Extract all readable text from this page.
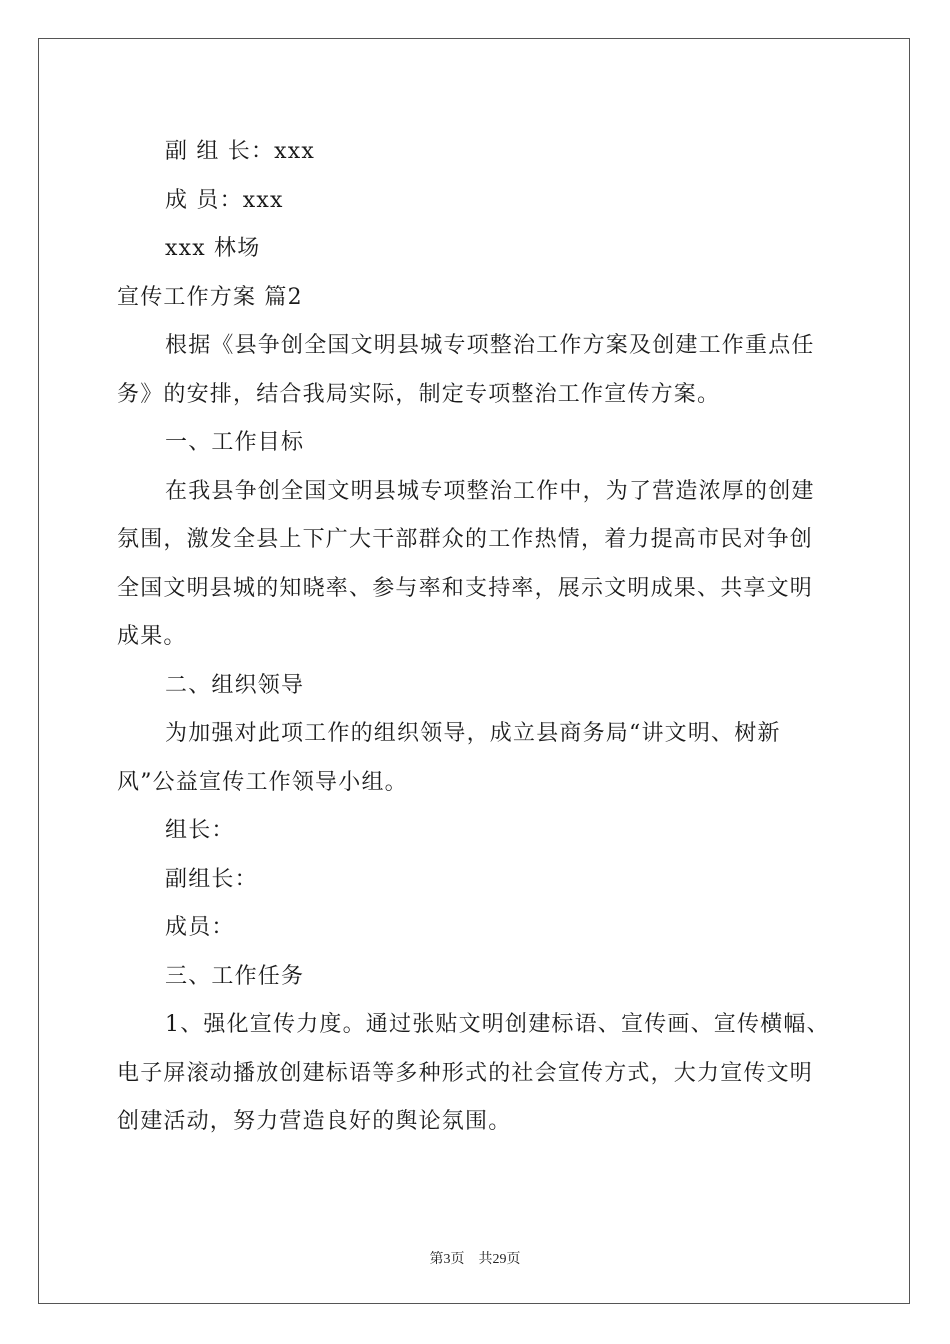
副 组 长：xxx
成 员：xxx
xxx 林场
宣传工作方案 篇2
根据《县争创全国文明县城专项整治工作方案及创建工作重点任
务》的安排，结合我局实际，制定专项整治工作宣传方案。
一、工作目标
在我县争创全国文明县城专项整治工作中，为了营造浓厚的创建
氛围，激发全县上下广大干部群众的工作热情，着力提高市民对争创
全国文明县城的知晓率、参与率和支持率，展示文明成果、共享文明
成果。
二、组织领导
为加强对此项工作的组织领导，成立县商务局“讲文明、树新
风”公益宣传工作领导小组。
组长：
副组长：
成员：
三、工作任务
1、强化宣传力度。通过张贴文明创建标语、宣传画、宣传横幅、
电子屏滚动播放创建标语等多种形式的社会宣传方式，大力宣传文明
创建活动，努力营造良好的舆论氛围。
第3页 共29页
